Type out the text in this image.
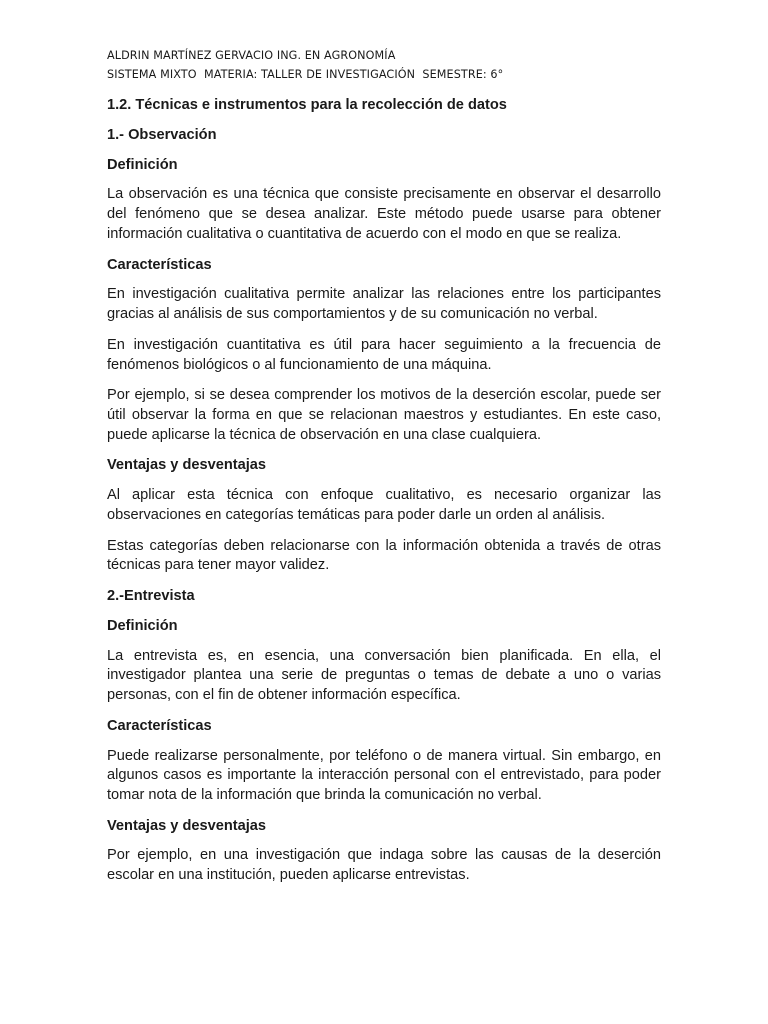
ALDRIN MARTÍNEZ GERVACIO ING. EN AGRONOMÍA
SISTEMA MIXTO  MATERIA: TALLER DE INVESTIGACIÓN  SEMESTRE: 6°
1.2. Técnicas e instrumentos para la recolección de datos
1.- Observación
Definición

La observación es una técnica que consiste precisamente en observar el desarrollo del fenómeno que se desea analizar. Este método puede usarse para obtener información cualitativa o cuantitativa de acuerdo con el modo en que se realiza.

Características

En investigación cualitativa permite analizar las relaciones entre los participantes gracias al análisis de sus comportamientos y de su comunicación no verbal.

En investigación cuantitativa es útil para hacer seguimiento a la frecuencia de fenómenos biológicos o al funcionamiento de una máquina.

Por ejemplo, si se desea comprender los motivos de la deserción escolar, puede ser útil observar la forma en que se relacionan maestros y estudiantes. En este caso, puede aplicarse la técnica de observación en una clase cualquiera.

Ventajas y desventajas

Al aplicar esta técnica con enfoque cualitativo, es necesario organizar las observaciones en categorías temáticas para poder darle un orden al análisis.

Estas categorías deben relacionarse con la información obtenida a través de otras técnicas para tener mayor validez.

2.-Entrevista
Definición

La entrevista es, en esencia, una conversación bien planificada. En ella, el investigador plantea una serie de preguntas o temas de debate a uno o varias personas, con el fin de obtener información específica.

Características

Puede realizarse personalmente, por teléfono o de manera virtual. Sin embargo, en algunos casos es importante la interacción personal con el entrevistado, para poder tomar nota de la información que brinda la comunicación no verbal.

Ventajas y desventajas

Por ejemplo, en una investigación que indaga sobre las causas de la deserción escolar en una institución, pueden aplicarse entrevistas.
